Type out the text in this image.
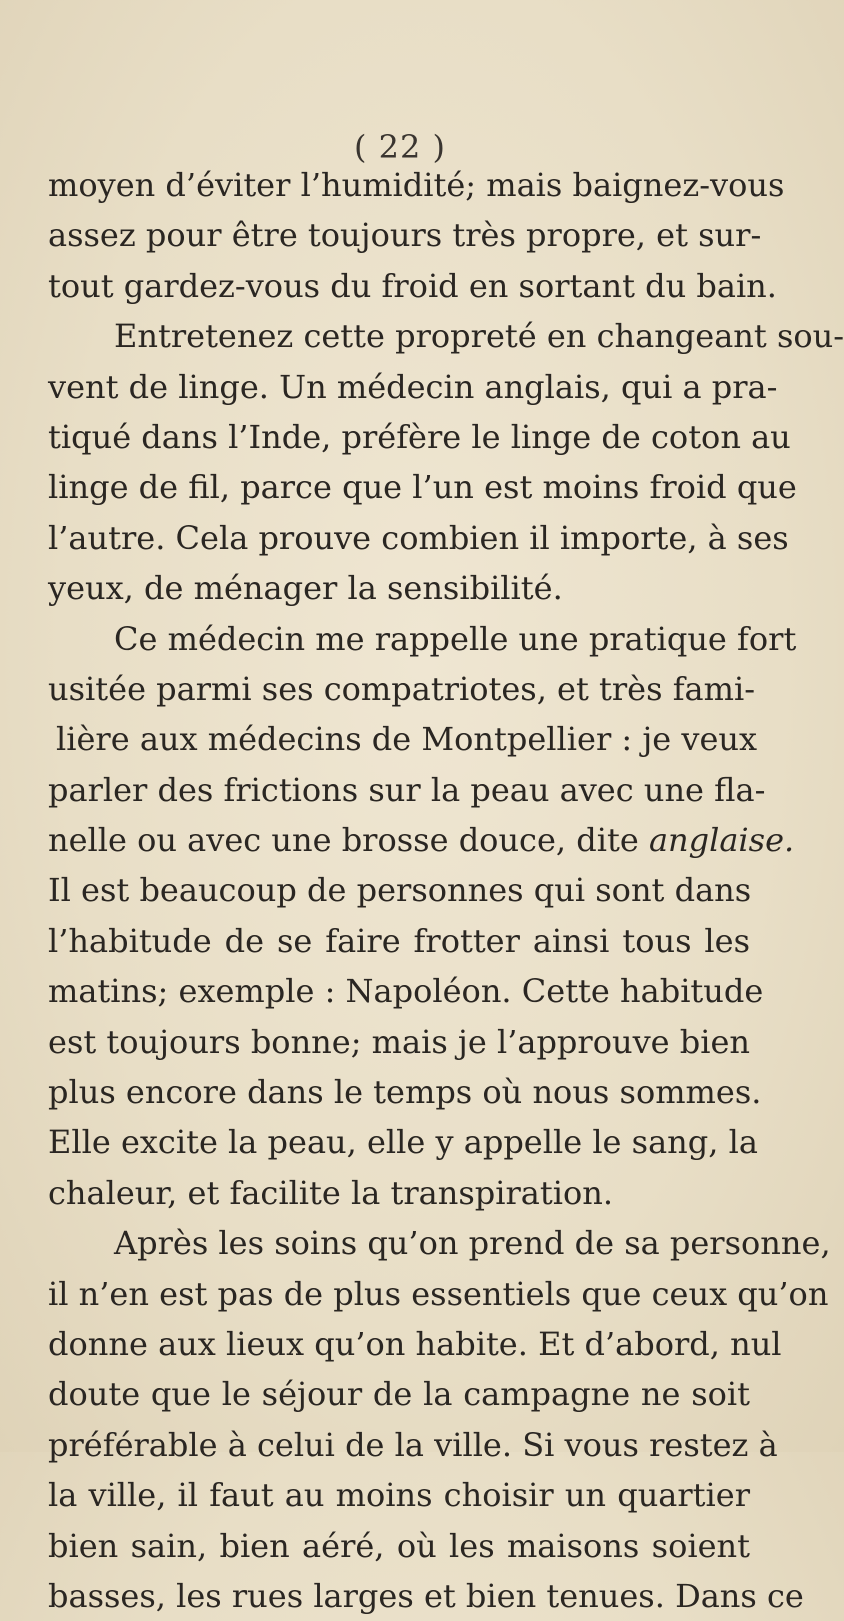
( 22 )
moyen d’éviter l’humidité; mais baignez-vous
assez pour être toujours très propre, et sur-
tout gardez-vous du froid en sortant du bain.
Entretenez cette propreté en changeant sou-
vent de linge. Un médecin anglais, qui a pra-
tiqué dans l’Inde, préfère le linge de coton au
linge de fil, parce que l’un est moins froid que
l’autre. Cela prouve combien il importe, à ses
yeux, de ménager la sensibilité.
Ce médecin me rappelle une pratique fort
usitée parmi ses compatriotes, et très fami-
lière aux médecins de Montpellier : je veux
parler des frictions sur la peau avec une fla-
nelle ou avec une brosse douce, dite anglaise.
Il est beaucoup de personnes qui sont dans
l’habitude de se faire frotter ainsi tous les
matins; exemple : Napoléon. Cette habitude
est toujours bonne; mais je l’approuve bien
plus encore dans le temps où nous sommes.
Elle excite la peau, elle y appelle le sang, la
chaleur, et facilite la transpiration.
Après les soins qu’on prend de sa personne,
il n’en est pas de plus essentiels que ceux qu’on
donne aux lieux qu’on habite. Et d’abord, nul
doute que le séjour de la campagne ne soit
préférable à celui de la ville. Si vous restez à
la ville, il faut au moins choisir un quartier
bien sain, bien aéré, où les maisons soient
basses, les rues larges et bien tenues. Dans ce
